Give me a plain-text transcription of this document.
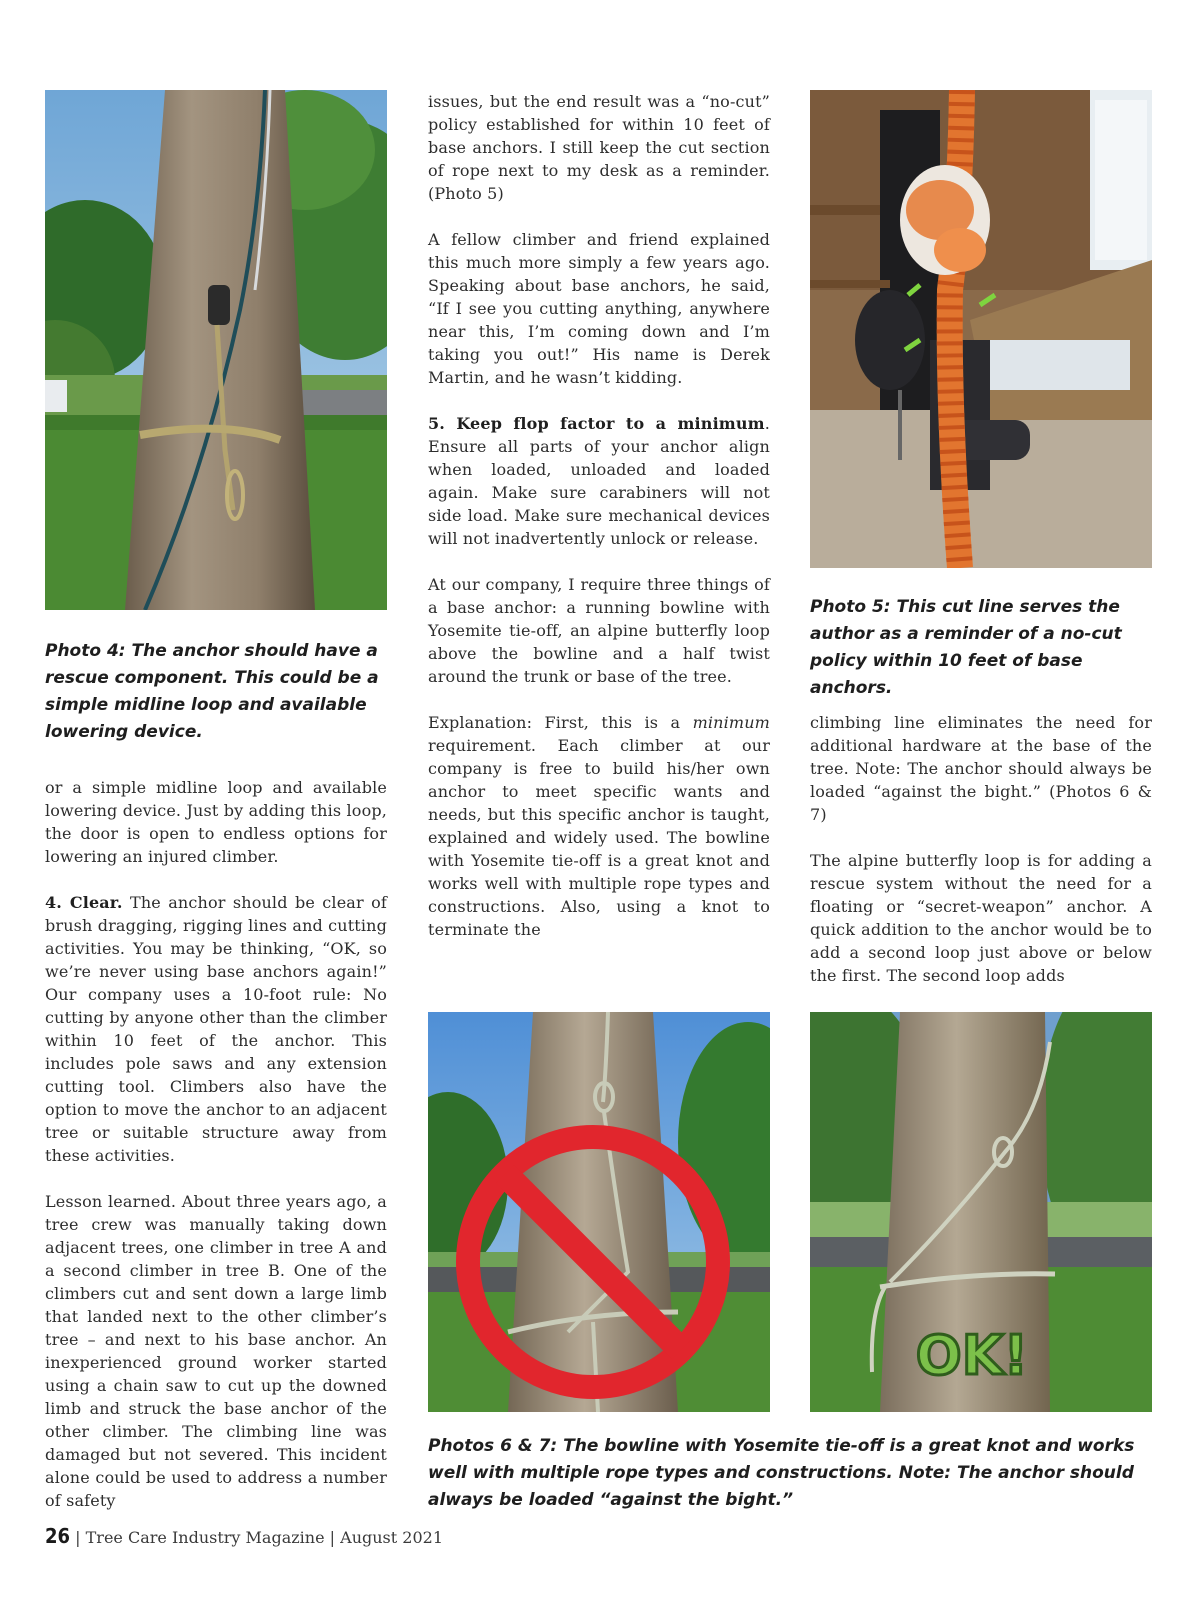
Photo 4: The anchor should have a rescue component. This could be a simple midline loop and available lowering device.

or a simple midline loop and available lowering device. Just by adding this loop, the door is open to endless options for lowering an injured climber.

4. Clear. The anchor should be clear of brush dragging, rigging lines and cutting activities. You may be thinking, “OK, so we’re never using base anchors again!” Our company uses a 10-foot rule: No cutting by anyone other than the climber within 10 feet of the anchor. This includes pole saws and any extension cutting tool. Climbers also have the option to move the anchor to an adjacent tree or suitable structure away from these activities.

Lesson learned. About three years ago, a tree crew was manually taking down adjacent trees, one climber in tree A and a second climber in tree B. One of the climbers cut and sent down a large limb that landed next to the other climber’s tree – and next to his base anchor. An inexperienced ground worker started using a chain saw to cut up the downed limb and struck the base anchor of the other climber. The climbing line was damaged but not severed. This incident alone could be used to address a number of safety

issues, but the end result was a “no-cut” policy established for within 10 feet of base anchors. I still keep the cut section of rope next to my desk as a reminder. (Photo 5)

A fellow climber and friend explained this much more simply a few years ago. Speaking about base anchors, he said, “If I see you cutting anything, anywhere near this, I’m coming down and I’m taking you out!” His name is Derek Martin, and he wasn’t kidding.

5. Keep flop factor to a minimum. Ensure all parts of your anchor align when loaded, unloaded and loaded again. Make sure carabiners will not side load. Make sure mechanical devices will not inadvertently unlock or release.

At our company, I require three things of a base anchor: a running bowline with Yosemite tie-off, an alpine butterfly loop above the bowline and a half twist around the trunk or base of the tree.

Explanation: First, this is a minimum requirement. Each climber at our company is free to build his/her own anchor to meet specific wants and needs, but this specific anchor is taught, explained and widely used. The bowline with Yosemite tie-off is a great knot and works well with multiple rope types and constructions. Also, using a knot to terminate the

Photo 5: This cut line serves the author as a reminder of a no-cut policy within 10 feet of base anchors.

climbing line eliminates the need for additional hardware at the base of the tree. Note: The anchor should always be loaded “against the bight.” (Photos 6 & 7)

The alpine butterfly loop is for adding a rescue system without the need for a floating or “secret-weapon” anchor. A quick addition to the anchor would be to add a second loop just above or below the first. The second loop adds

OK!
Photos 6 & 7: The bowline with Yosemite tie-off is a great knot and works well with multiple rope types and constructions. Note: The anchor should always be loaded “against the bight.”
26 | Tree Care Industry Magazine | August 2021
